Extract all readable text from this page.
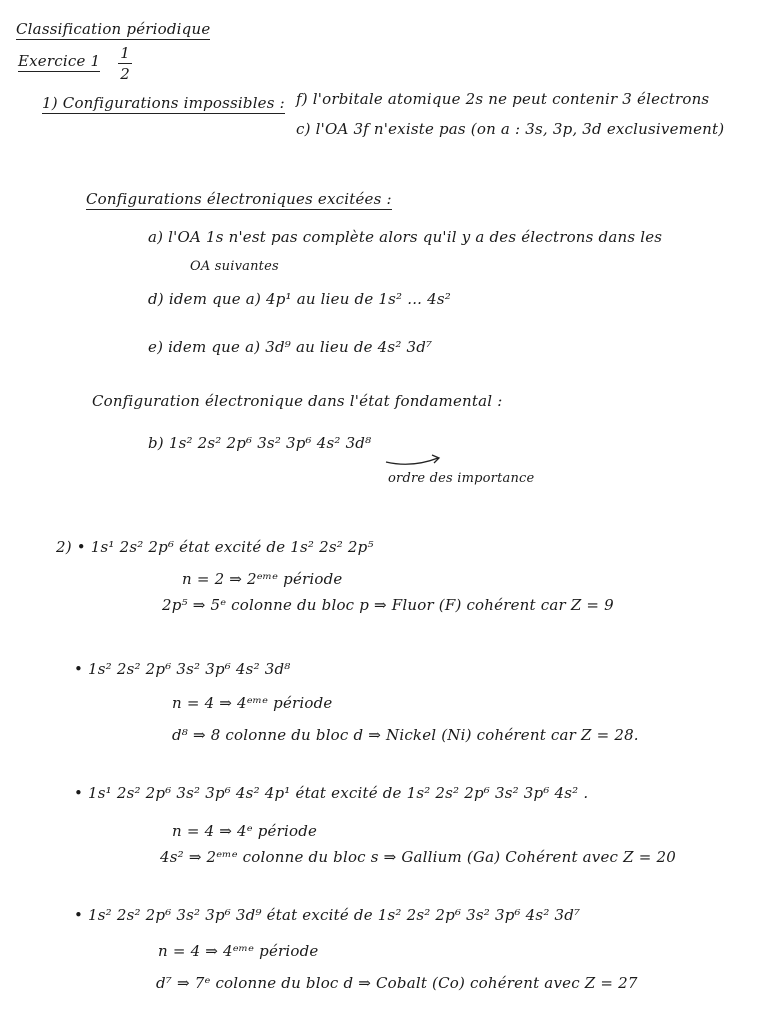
Classification périodique
Exercice 1 1
2
1) Configurations impossibles : f) l'orbitale atomique 2s ne peut contenir 3 électrons
c) l'OA 3f n'existe pas (on a : 3s, 3p, 3d exclusivement)
Configurations électroniques excitées :
a) l'OA 1s n'est pas complète alors qu'il y a des électrons dans les
OA suivantes
d) idem que a) 4p¹ au lieu de 1s² ... 4s²
e) idem que a) 3d⁹ au lieu de 4s² 3d⁷
Configuration électronique dans l'état fondamental :
b) 1s² 2s² 2p⁶ 3s² 3p⁶ 4s² 3d⁸
ordre des importance
2) • 1s¹ 2s² 2p⁶ état excité de 1s² 2s² 2p⁵
n = 2 ⇒ 2ᵉᵐᵉ période
2p⁵ ⇒ 5ᵉ colonne du bloc p ⇒ Fluor (F) cohérent car Z = 9
• 1s² 2s² 2p⁶ 3s² 3p⁶ 4s² 3d⁸
n = 4 ⇒ 4ᵉᵐᵉ période
d⁸ ⇒ 8 colonne du bloc d ⇒ Nickel (Ni) cohérent car Z = 28.
• 1s¹ 2s² 2p⁶ 3s² 3p⁶ 4s² 4p¹ état excité de 1s² 2s² 2p⁶ 3s² 3p⁶ 4s² .
n = 4 ⇒ 4ᵉ période
4s² ⇒ 2ᵉᵐᵉ colonne du bloc s ⇒ Gallium (Ga) Cohérent avec Z = 20
• 1s² 2s² 2p⁶ 3s² 3p⁶ 3d⁹ état excité de 1s² 2s² 2p⁶ 3s² 3p⁶ 4s² 3d⁷
n = 4 ⇒ 4ᵉᵐᵉ période
d⁷ ⇒ 7ᵉ colonne du bloc d ⇒ Cobalt (Co) cohérent avec Z = 27
